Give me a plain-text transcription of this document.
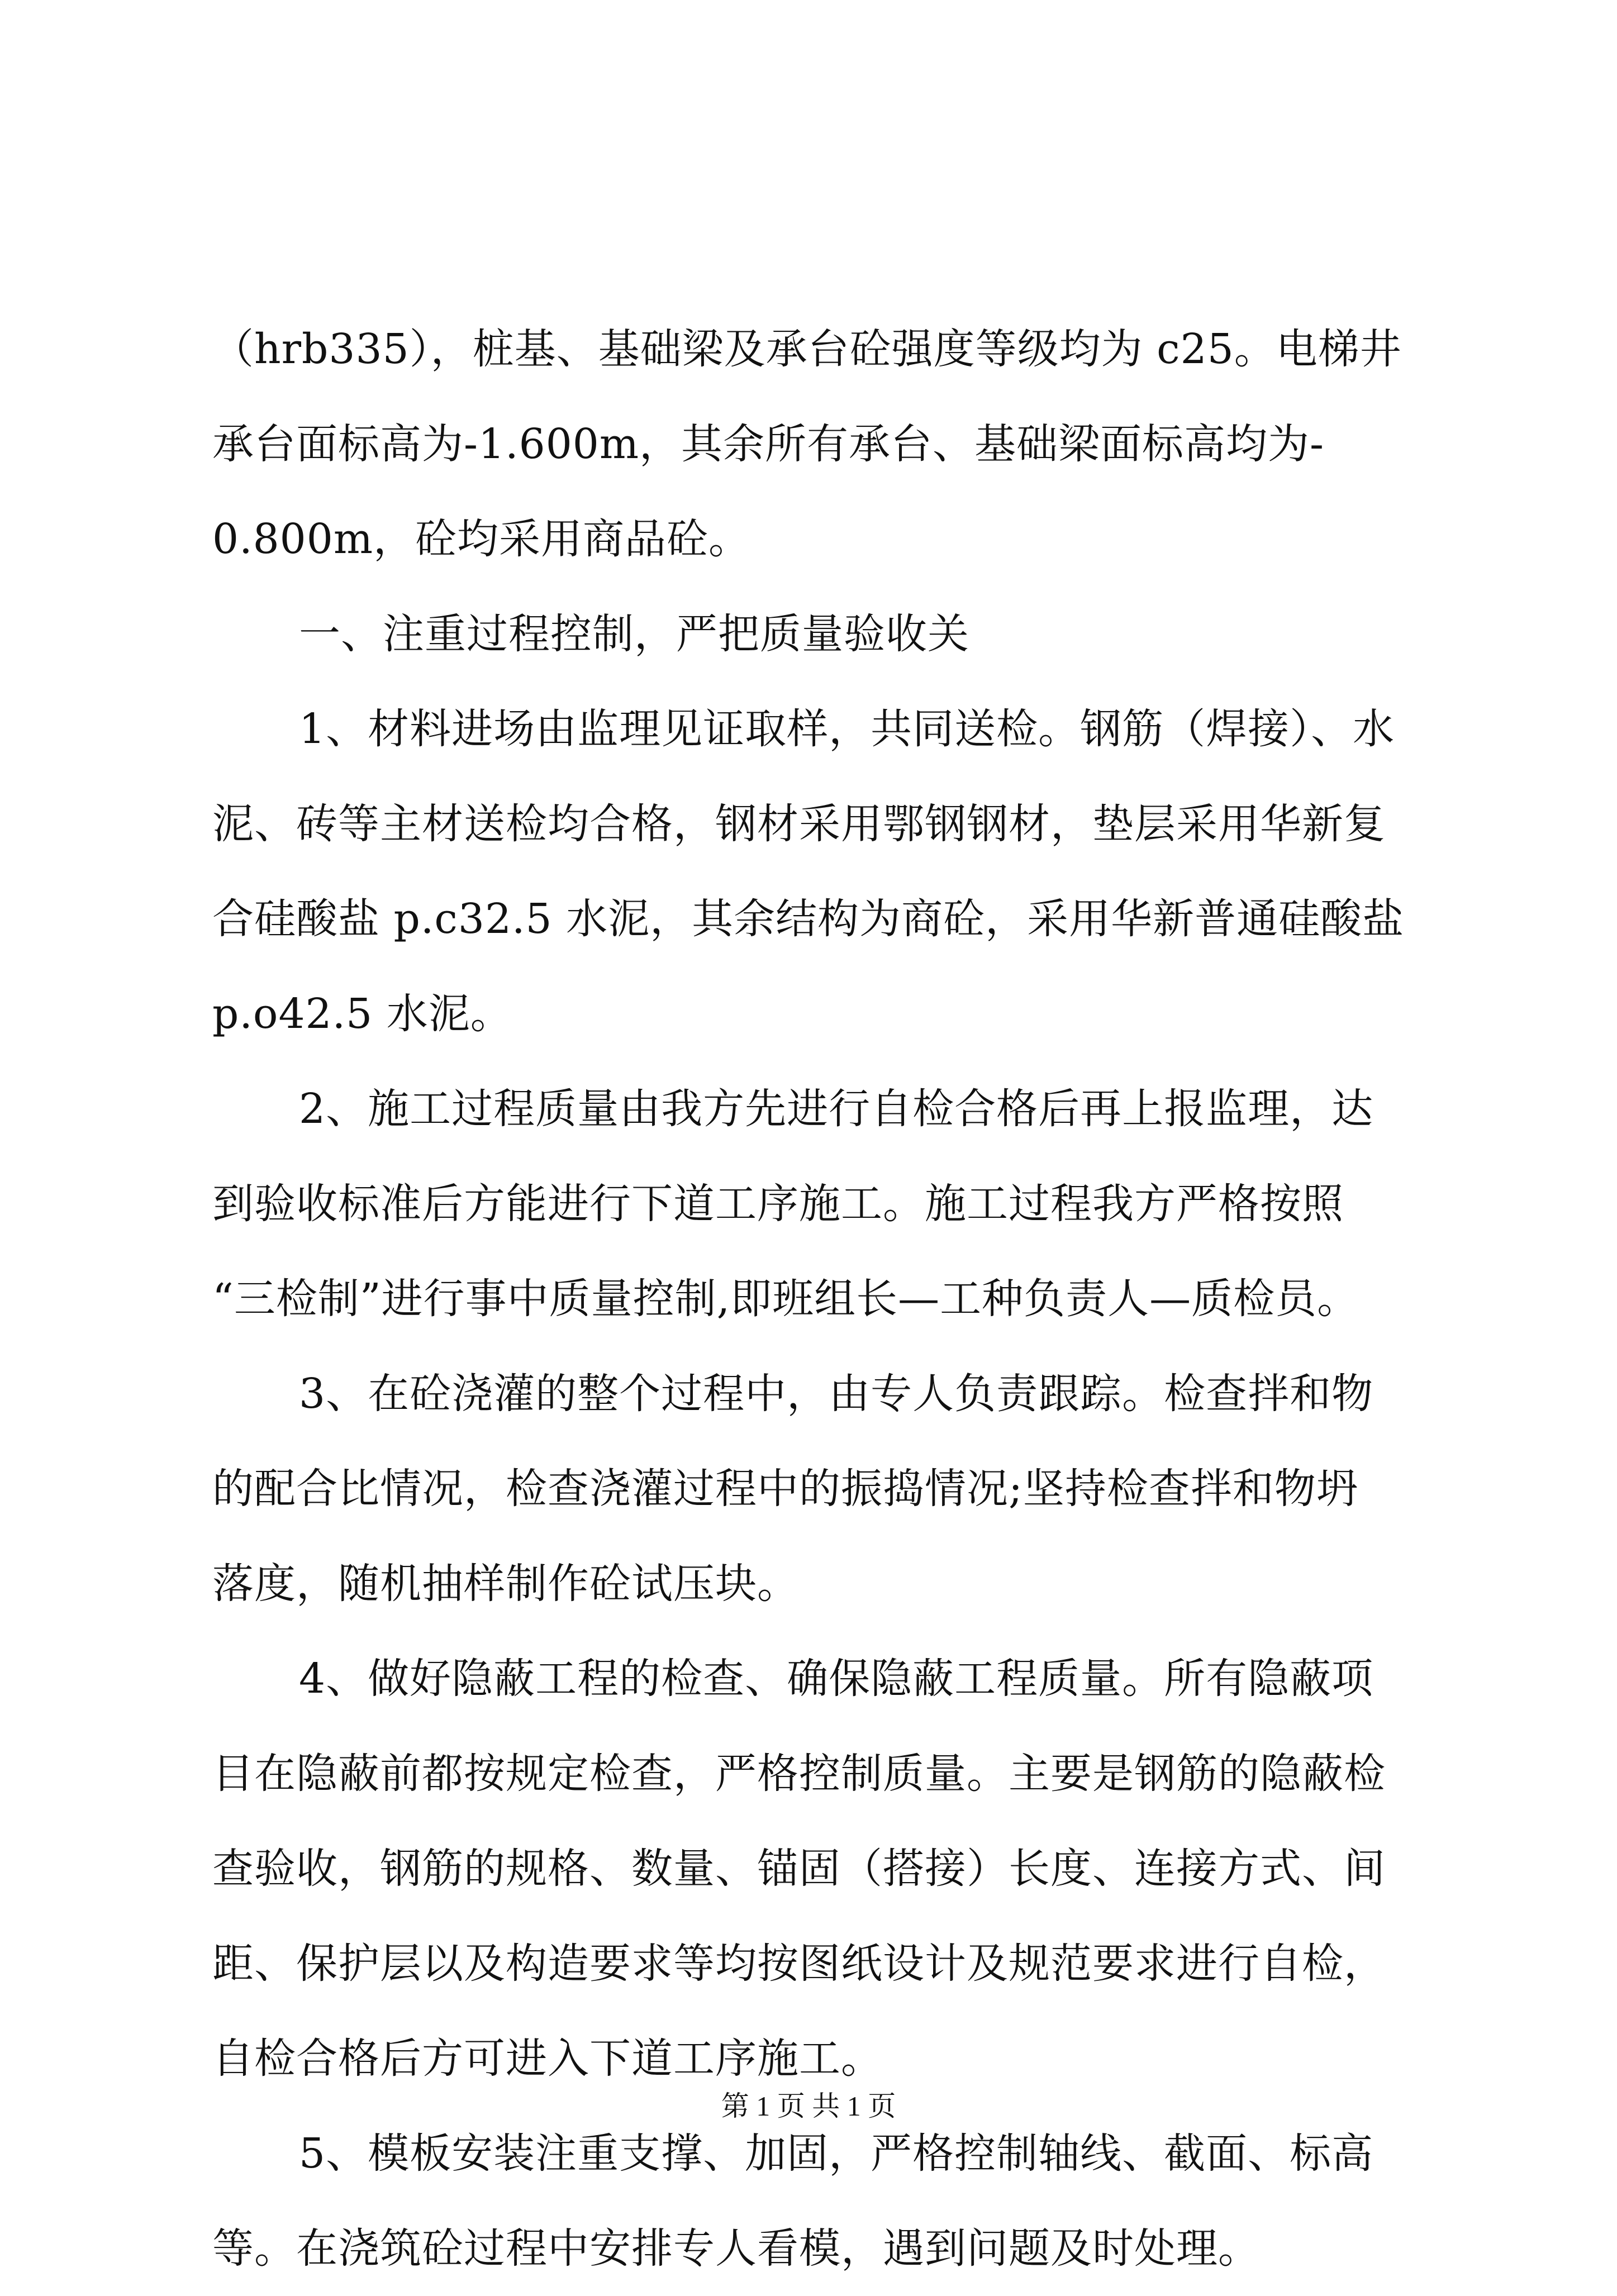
（hrb335），桩基、基础梁及承台砼强度等级均为 c25。电梯井
承台面标高为-1.600m，其余所有承台、基础梁面标高均为-
0.800m，砼均采用商品砼。
一、注重过程控制，严把质量验收关
1、材料进场由监理见证取样，共同送检。钢筋（焊接）、水
泥、砖等主材送检均合格，钢材采用鄂钢钢材，垫层采用华新复
合硅酸盐 p.c32.5 水泥，其余结构为商砼，采用华新普通硅酸盐
p.o42.5 水泥。
2、施工过程质量由我方先进行自检合格后再上报监理，达
到验收标准后方能进行下道工序施工。施工过程我方严格按照
“三检制”进行事中质量控制,即班组长—工种负责人—质检员。
3、在砼浇灌的整个过程中，由专人负责跟踪。检查拌和物
的配合比情况，检查浇灌过程中的振捣情况;坚持检查拌和物坍
落度，随机抽样制作砼试压块。
4、做好隐蔽工程的检查、确保隐蔽工程质量。所有隐蔽项
目在隐蔽前都按规定检查，严格控制质量。主要是钢筋的隐蔽检
查验收，钢筋的规格、数量、锚固（搭接）长度、连接方式、间
距、保护层以及构造要求等均按图纸设计及规范要求进行自检，
自检合格后方可进入下道工序施工。
5、模板安装注重支撑、加固，严格控制轴线、截面、标高
等。在浇筑砼过程中安排专人看模，遇到问题及时处理。
第 1 页 共 1 页
